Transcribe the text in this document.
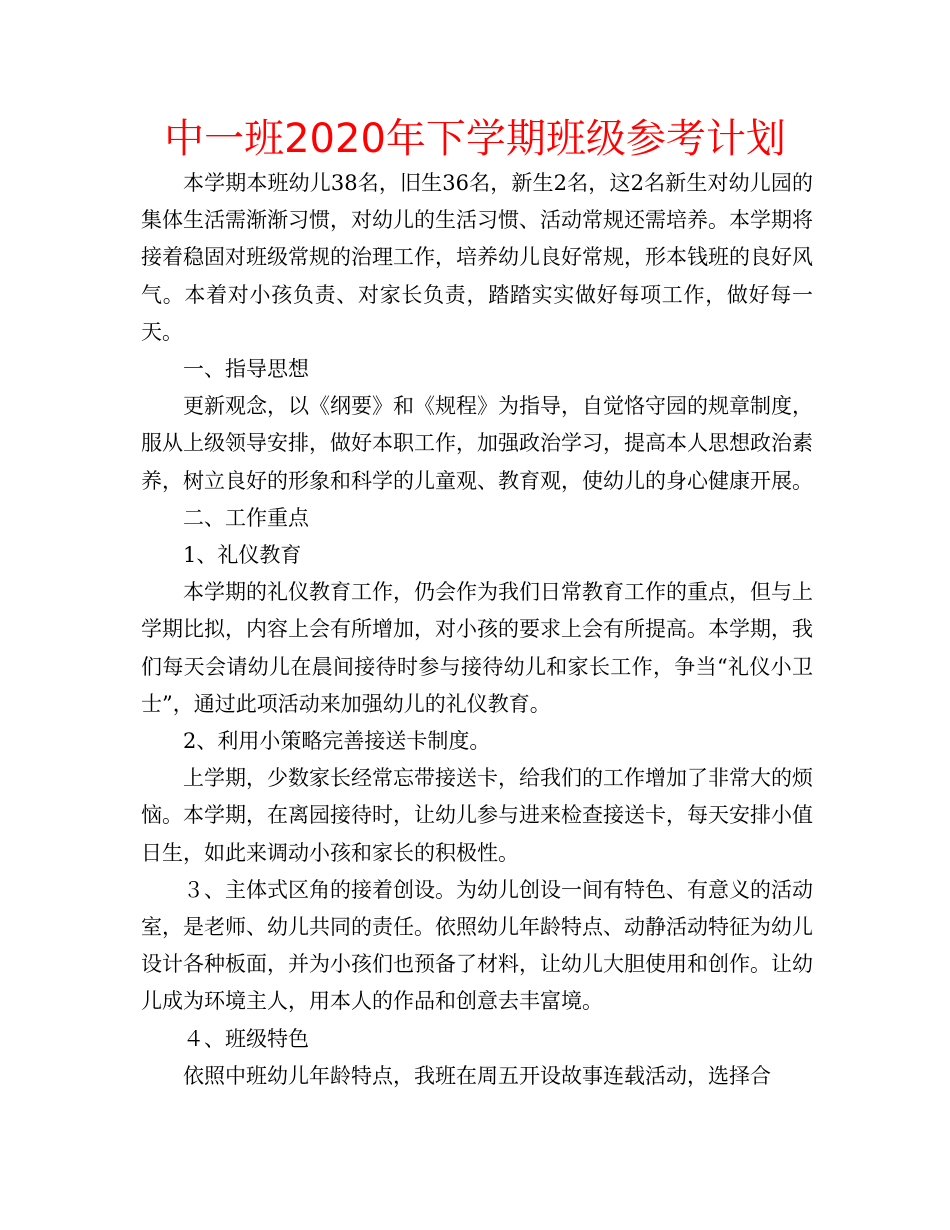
中一班2020年下学期班级参考计划

本学期本班幼儿38名，旧生36名，新生2名，这2名新生对幼儿园的集体生活需渐渐习惯，对幼儿的生活习惯、活动常规还需培养。本学期将接着稳固对班级常规的治理工作，培养幼儿良好常规，形本钱班的良好风气。本着对小孩负责、对家长负责，踏踏实实做好每项工作，做好每一天。

一、指导思想

更新观念，以《纲要》和《规程》为指导，自觉恪守园的规章制度，服从上级领导安排，做好本职工作，加强政治学习，提高本人思想政治素养，树立良好的形象和科学的儿童观、教育观，使幼儿的身心健康开展。

二、工作重点

1、礼仪教育

本学期的礼仪教育工作，仍会作为我们日常教育工作的重点，但与上学期比拟，内容上会有所增加，对小孩的要求上会有所提高。本学期，我们每天会请幼儿在晨间接待时参与接待幼儿和家长工作，争当“礼仪小卫士”，通过此项活动来加强幼儿的礼仪教育。

2、利用小策略完善接送卡制度。

上学期，少数家长经常忘带接送卡，给我们的工作增加了非常大的烦恼。本学期，在离园接待时，让幼儿参与进来检查接送卡，每天安排小值日生，如此来调动小孩和家长的积极性。

３、主体式区角的接着创设。为幼儿创设一间有特色、有意义的活动室，是老师、幼儿共同的责任。依照幼儿年龄特点、动静活动特征为幼儿设计各种板面，并为小孩们也预备了材料，让幼儿大胆使用和创作。让幼儿成为环境主人，用本人的作品和创意去丰富境。

４、班级特色

依照中班幼儿年龄特点，我班在周五开设故事连载活动，选择合
